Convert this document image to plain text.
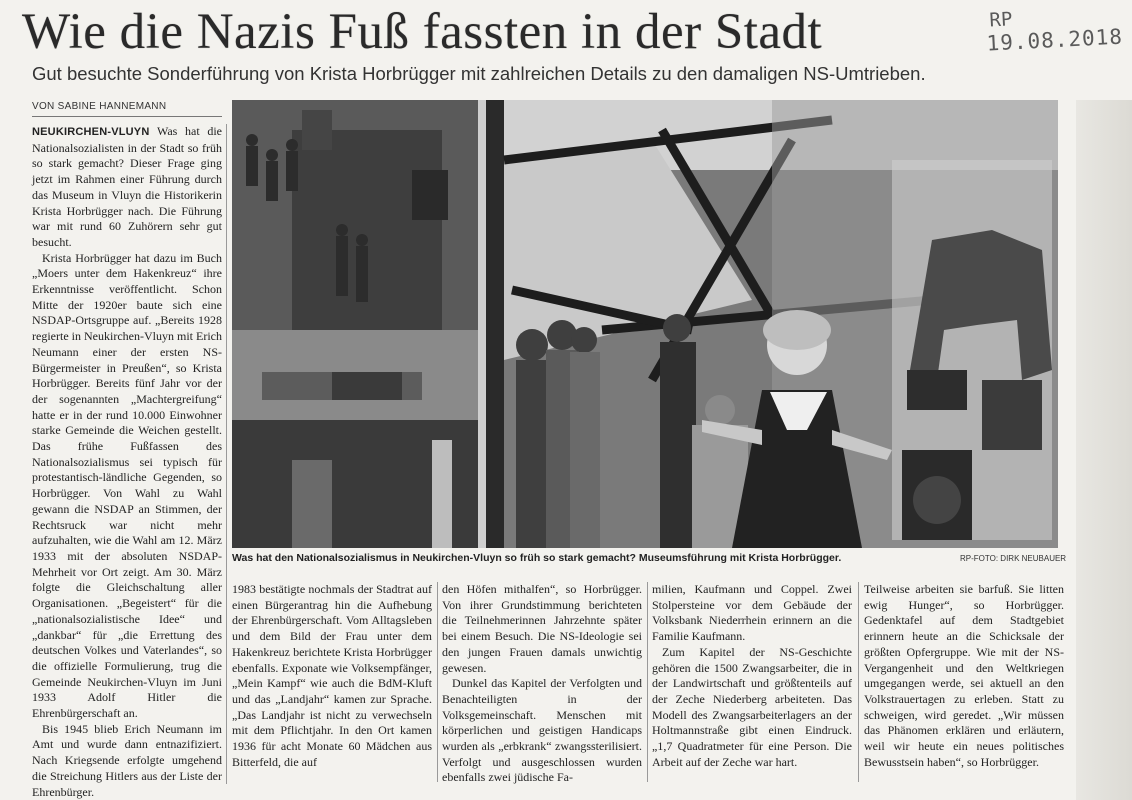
Wie die Nazis Fuß fassten in der Stadt	RP
19.08.2018
Gut besuchte Sonderführung von Krista Horbrügger mit zahlreichen Details zu den damaligen NS-Umtrieben.
VON SABINE HANNEMANN

NEUKIRCHEN-VLUYN Was hat die Nationalsozialisten in der Stadt so früh so stark gemacht? Dieser Frage ging jetzt im Rahmen einer Führung durch das Museum in Vluyn die Historikerin Krista Horbrügger nach. Die Führung war mit rund 60 Zuhörern sehr gut besucht.

Krista Horbrügger hat dazu im Buch „Moers unter dem Hakenkreuz“ ihre Erkenntnisse veröffentlicht. Schon Mitte der 1920er baute sich eine NSDAP-Ortsgruppe auf. „Bereits 1928 regierte in Neukirchen-Vluyn mit Erich Neumann einer der ersten NS-Bürgermeister in Preußen“, so Krista Horbrügger. Bereits fünf Jahr vor der der sogenannten „Machtergreifung“ hatte er in der rund 10.000 Einwohner starke Gemeinde die Weichen gestellt. Das frühe Fußfassen des Nationalsozialismus sei typisch für protestantisch-ländliche Gegenden, so Horbrügger. Von Wahl zu Wahl gewann die NSDAP an Stimmen, der Rechtsruck war nicht mehr aufzuhalten, wie die Wahl am 12. März 1933 mit der absoluten NSDAP-Mehrheit vor Ort zeigt. Am 30. März folgte die Gleichschaltung aller Organisationen. „Begeistert“ für die „nationalsozialistische Idee“ und „dankbar“ für „die Errettung des deutschen Volkes und Vaterlandes“, so die offizielle Formulierung, trug die Gemeinde Neukirchen-Vluyn im Juni 1933 Adolf Hitler die Ehrenbürgerschaft an.

Bis 1945 blieb Erich Neumann im Amt und wurde dann entnazifiziert. Nach Kriegsende erfolgte umgehend die Streichung Hitlers aus der Liste der Ehrenbürger.

Was hat den Nationalsozialismus in Neukirchen-Vluyn so früh so stark gemacht? Museumsführung mit Krista Horbrügger.	RP-FOTO: DIRK NEUBAUER

1983 bestätigte nochmals der Stadtrat auf einen Bürgerantrag hin die Aufhebung der Ehrenbürgerschaft. Vom Alltagsleben und dem Bild der Frau unter dem Hakenkreuz berichtete Krista Horbrügger ebenfalls. Exponate wie Volksempfänger, „Mein Kampf“ wie auch die BdM-Kluft und das „Landjahr“ kamen zur Sprache. „Das Landjahr ist nicht zu verwechseln mit dem Pflichtjahr. In den Ort kamen 1936 für acht Monate 60 Mädchen aus Bitterfeld, die auf

den Höfen mithalfen“, so Horbrügger. Von ihrer Grundstimmung berichteten die Teilnehmerinnen Jahrzehnte später bei einem Besuch. Die NS-Ideologie sei den jungen Frauen damals unwichtig gewesen.

Dunkel das Kapitel der Verfolgten und Benachteiligten in der Volksgemeinschaft. Menschen mit körperlichen und geistigen Handicaps wurden als „erbkrank“ zwangssterilisiert. Verfolgt und ausgeschlossen wurden ebenfalls zwei jüdische Fa-

milien, Kaufmann und Coppel. Zwei Stolpersteine vor dem Gebäude der Volksbank Niederrhein erinnern an die Familie Kaufmann.

Zum Kapitel der NS-Geschichte gehören die 1500 Zwangsarbeiter, die in der Landwirtschaft und größtenteils auf der Zeche Niederberg arbeiteten. Das Modell des Zwangsarbeiterlagers an der Holtmannstraße gibt einen Eindruck. „1,7 Quadratmeter für eine Person. Die Arbeit auf der Zeche war hart.

Teilweise arbeiten sie barfuß. Sie litten ewig Hunger“, so Horbrügger. Gedenktafel auf dem Stadtgebiet erinnern heute an die Schicksale der größten Opfergruppe. Wie mit der NS-Vergangenheit und den Weltkriegen umgegangen werde, sei aktuell an den Volkstrauertagen zu erleben. Statt zu schweigen, wird geredet. „Wir müssen das Phänomen erklären und erläutern, weil wir heute ein neues politisches Bewusstsein haben“, so Horbrügger.
